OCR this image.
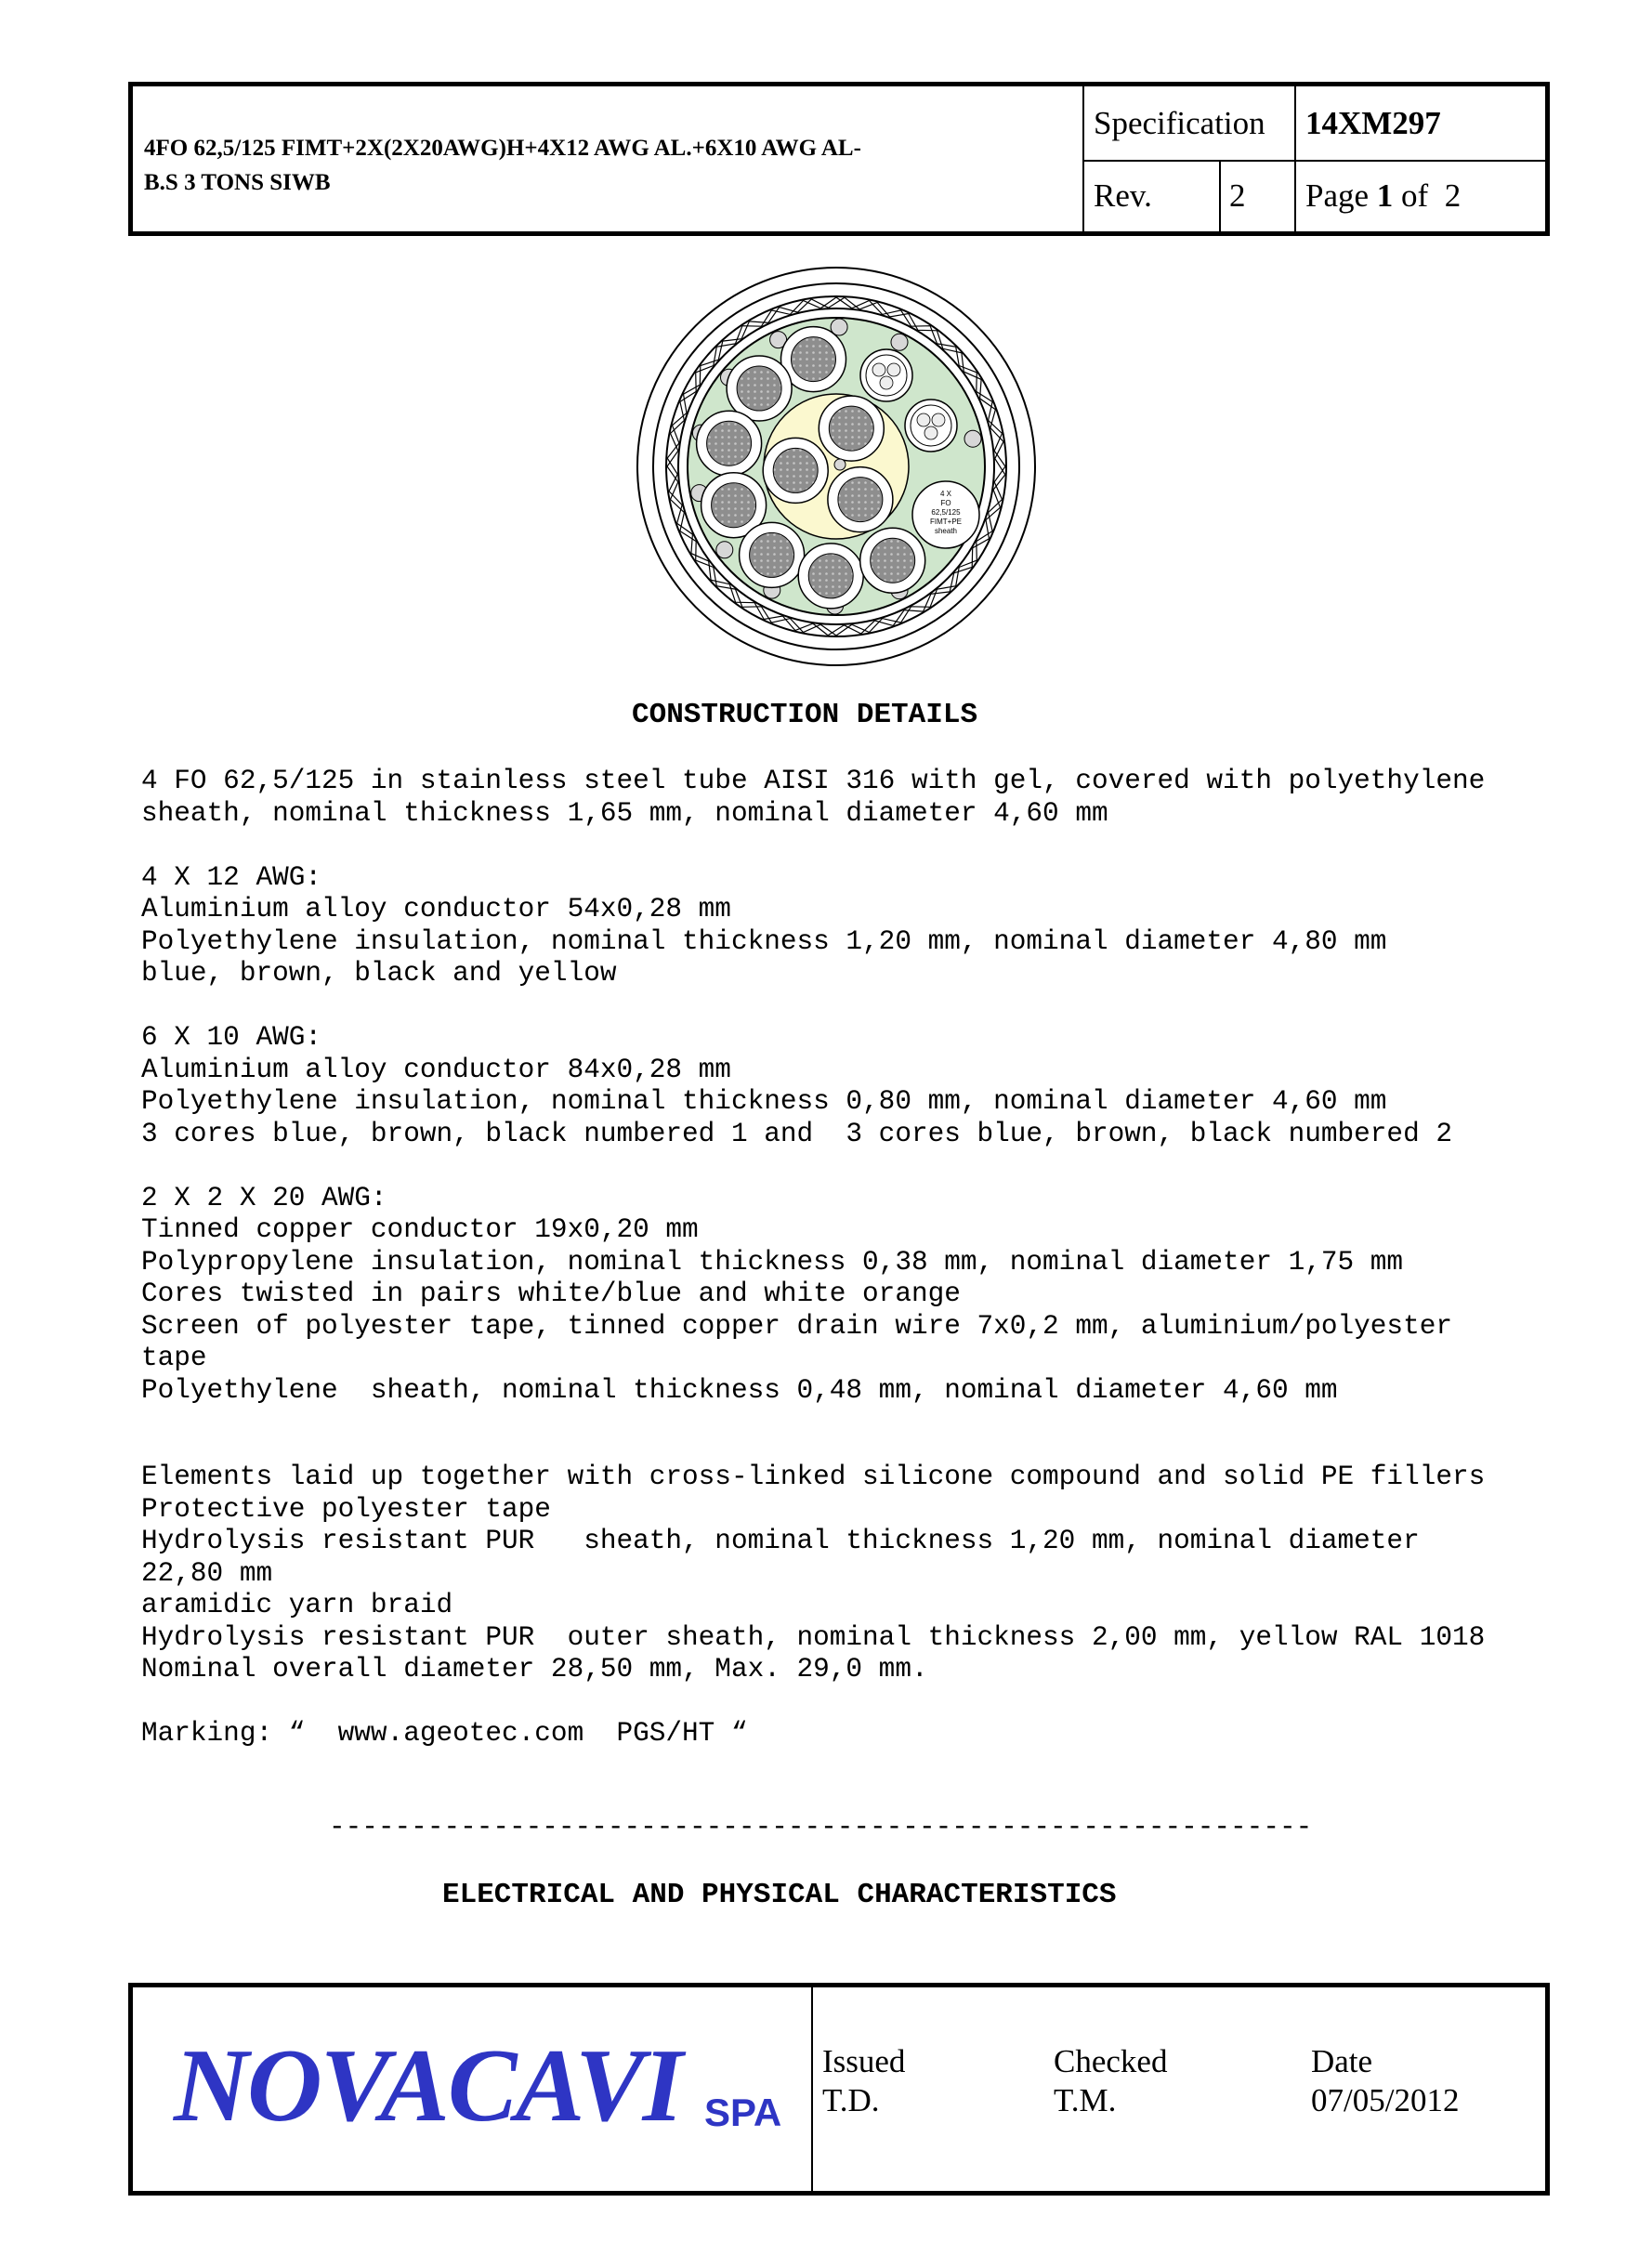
4FO 62,5/125 FIMT+2X(2X20AWG)H+4X12 AWG AL.+6X10 AWG AL-
B.S 3 TONS SIWB
Specification 14XM297
Rev. 2 Page 1 of  2
4 X
FO
62,5/125
FIMT+PE
sheath
CONSTRUCTION DETAILS
4 FO 62,5/125 in stainless steel tube AISI 316 with gel, covered with polyethylene
sheath, nominal thickness 1,65 mm, nominal diameter 4,60 mm
4 X 12 AWG:
Aluminium alloy conductor 54x0,28 mm
Polyethylene insulation, nominal thickness 1,20 mm, nominal diameter 4,80 mm
blue, brown, black and yellow
6 X 10 AWG:
Aluminium alloy conductor 84x0,28 mm
Polyethylene insulation, nominal thickness 0,80 mm, nominal diameter 4,60 mm
3 cores blue, brown, black numbered 1 and  3 cores blue, brown, black numbered 2
2 X 2 X 20 AWG:
Tinned copper conductor 19x0,20 mm
Polypropylene insulation, nominal thickness 0,38 mm, nominal diameter 1,75 mm
Cores twisted in pairs white/blue and white orange
Screen of polyester tape, tinned copper drain wire 7x0,2 mm, aluminium/polyester
tape
Polyethylene  sheath, nominal thickness 0,48 mm, nominal diameter 4,60 mm
Elements laid up together with cross-linked silicone compound and solid PE fillers
Protective polyester tape
Hydrolysis resistant PUR   sheath, nominal thickness 1,20 mm, nominal diameter
22,80 mm
aramidic yarn braid
Hydrolysis resistant PUR  outer sheath, nominal thickness 2,00 mm, yellow RAL 1018
Nominal overall diameter 28,50 mm, Max. 29,0 mm.
Marking: “  www.ageotec.com  PGS/HT “
------------------------------------------------------------
ELECTRICAL AND PHYSICAL CHARACTERISTICS
NOVACAVI SPA
Issued
T.D.
Checked
T.M.
Date
07/05/2012
